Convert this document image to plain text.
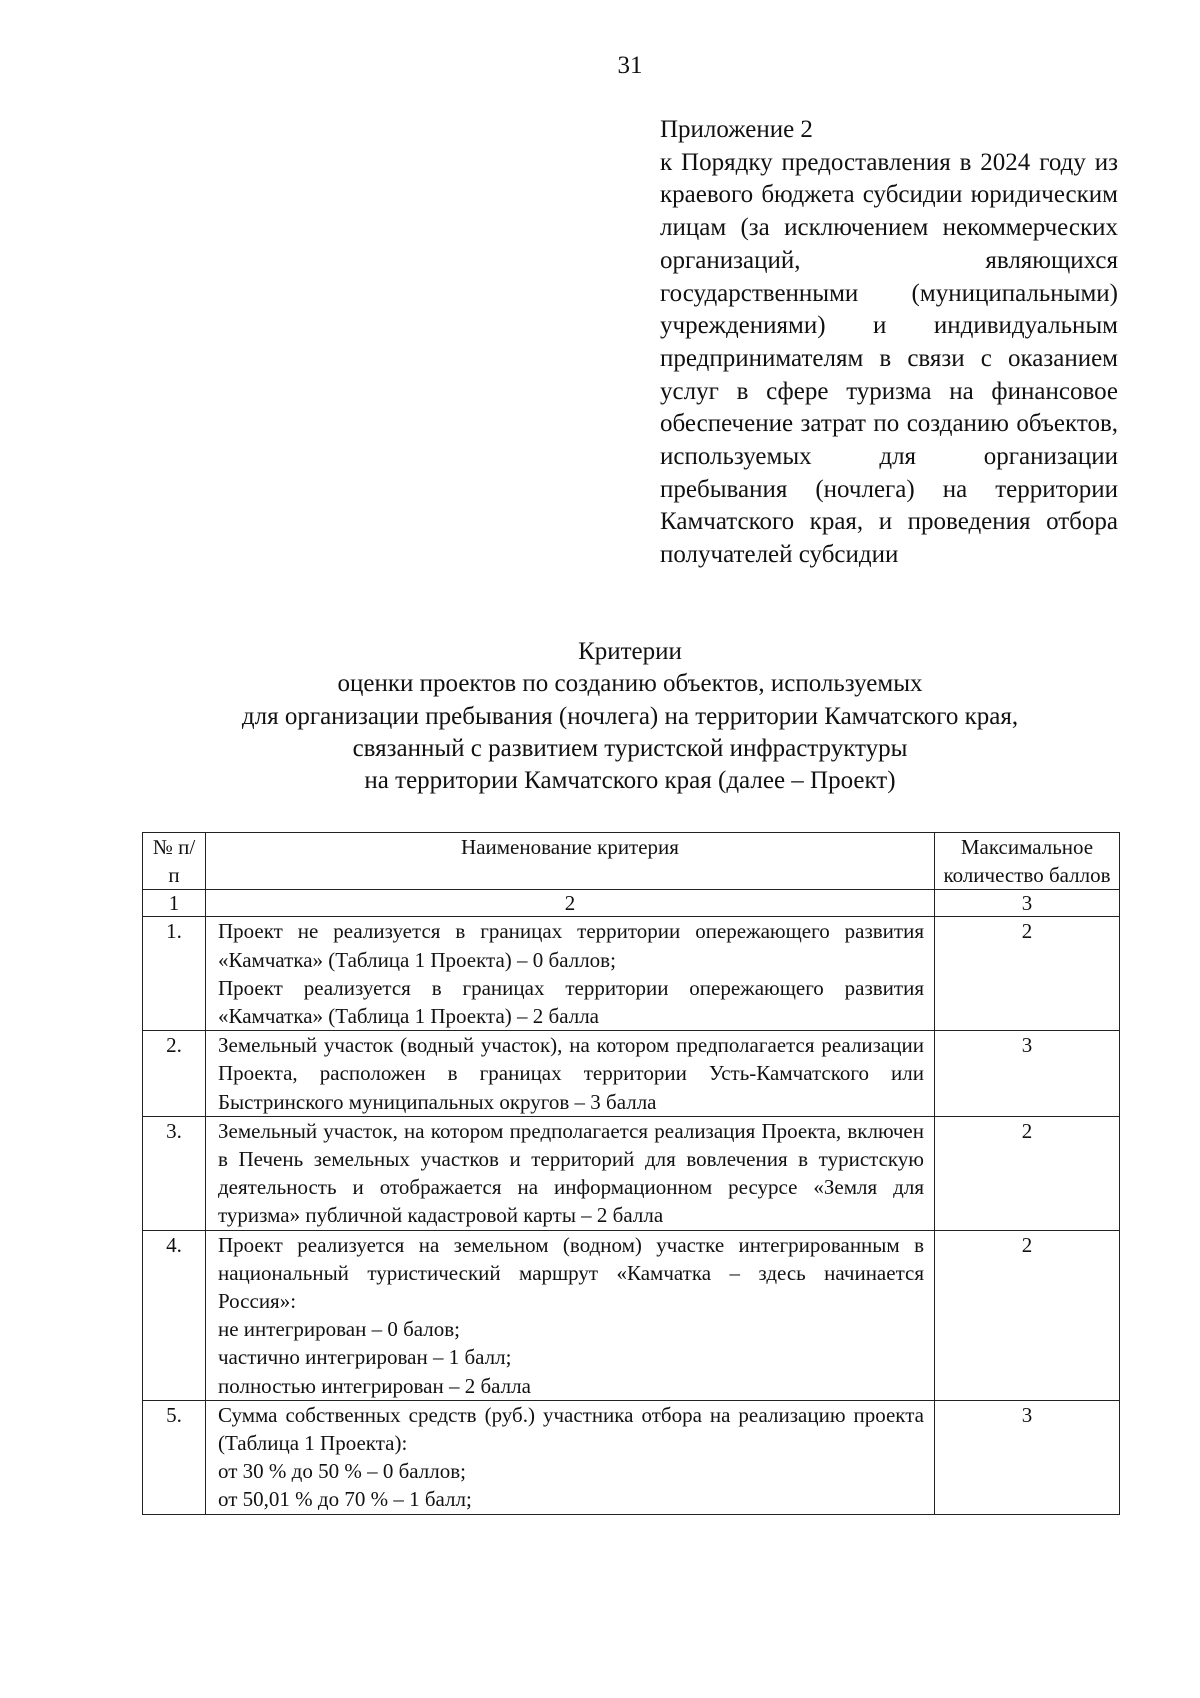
31
Приложение 2
к Порядку предоставления в 2024 году из краевого бюджета субсидии юридическим лицам (за исключением некоммерческих организаций, являющихся государственными (муниципальными) учреждениями) и индивидуальным предпринимателям в связи с оказанием услуг в сфере туризма на финансовое обеспечение затрат по созданию объектов, используемых для организации пребывания (ночлега) на территории Камчатского края, и проведения отбора получателей субсидии
Критерии
оценки проектов по созданию объектов, используемых
для организации пребывания (ночлега) на территории Камчатского края,
связанный с развитием туристской инфраструктуры
на территории Камчатского края (далее – Проект)
№ п/п	Наименование критерия	Максимальное количество баллов
1	2	3
1.	Проект не реализуется в границах территории опережающего развития «Камчатка» (Таблица 1 Проекта) – 0 баллов;
Проект реализуется в границах территории опережающего развития «Камчатка» (Таблица 1 Проекта) – 2 балла	2
2.	Земельный участок (водный участок), на котором предполагается реализации Проекта, расположен в границах территории Усть-Камчатского или Быстринского муниципальных округов – 3 балла	3
3.	Земельный участок, на котором предполагается реализация Проекта, включен в Печень земельных участков и территорий для вовлечения в туристскую деятельность и отображается на информационном ресурсе «Земля для туризма» публичной кадастровой карты – 2 балла	2
4.	Проект реализуется на земельном (водном) участке интегрированным в национальный туристический маршрут «Камчатка – здесь начинается Россия»:
не интегрирован – 0 балов;
частично интегрирован – 1 балл;
полностью интегрирован – 2 балла	2
5.	Сумма собственных средств (руб.) участника отбора на реализацию проекта (Таблица 1 Проекта):
от 30 % до 50 % – 0 баллов;
от 50,01 % до 70 % – 1 балл;	3
